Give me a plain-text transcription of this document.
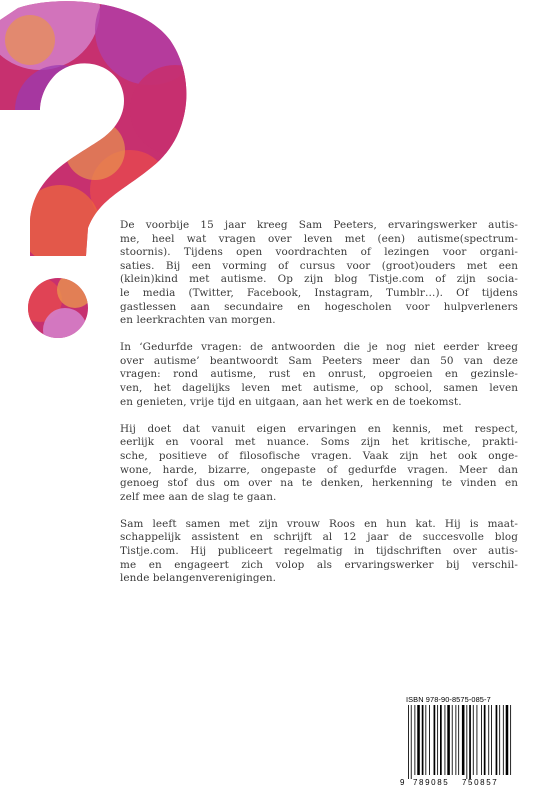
De voorbije 15 jaar kreeg Sam Peeters, ervaringswerker autis-
me, heel wat vragen over leven met (een) autisme(spectrum-
stoornis). Tijdens open voordrachten of lezingen voor organi-
saties. Bij een vorming of cursus voor (groot)ouders met een
(klein)kind met autisme. Op zijn blog Tistje.com of zijn socia-
le media (Twitter, Facebook, Instagram, Tumblr…). Of tijdens
gastlessen aan secundaire en hogescholen voor hulpverleners
en leerkrachten van morgen.

In ‘Gedurfde vragen: de antwoorden die je nog niet eerder kreeg
over autisme’ beantwoordt Sam Peeters meer dan 50 van deze
vragen: rond autisme, rust en onrust, opgroeien en gezinsle-
ven, het dagelijks leven met autisme, op school, samen leven
en genieten, vrije tijd en uitgaan, aan het werk en de toekomst.

Hij doet dat vanuit eigen ervaringen en kennis, met respect,
eerlijk en vooral met nuance. Soms zijn het kritische, prakti-
sche, positieve of filosofische vragen. Vaak zijn het ook onge-
wone, harde, bizarre, ongepaste of gedurfde vragen. Meer dan
genoeg stof dus om over na te denken, herkenning te vinden en
zelf mee aan de slag te gaan.

Sam leeft samen met zijn vrouw Roos en hun kat. Hij is maat-
schappelijk assistent en schrijft al 12 jaar de succesvolle blog
Tistje.com. Hij publiceert regelmatig in tijdschriften over autis-
me en engageert zich volop als ervaringswerker bij verschil-
lende belangenverenigingen.

ISBN 978-90-8575-085-7
9 789085 750857
